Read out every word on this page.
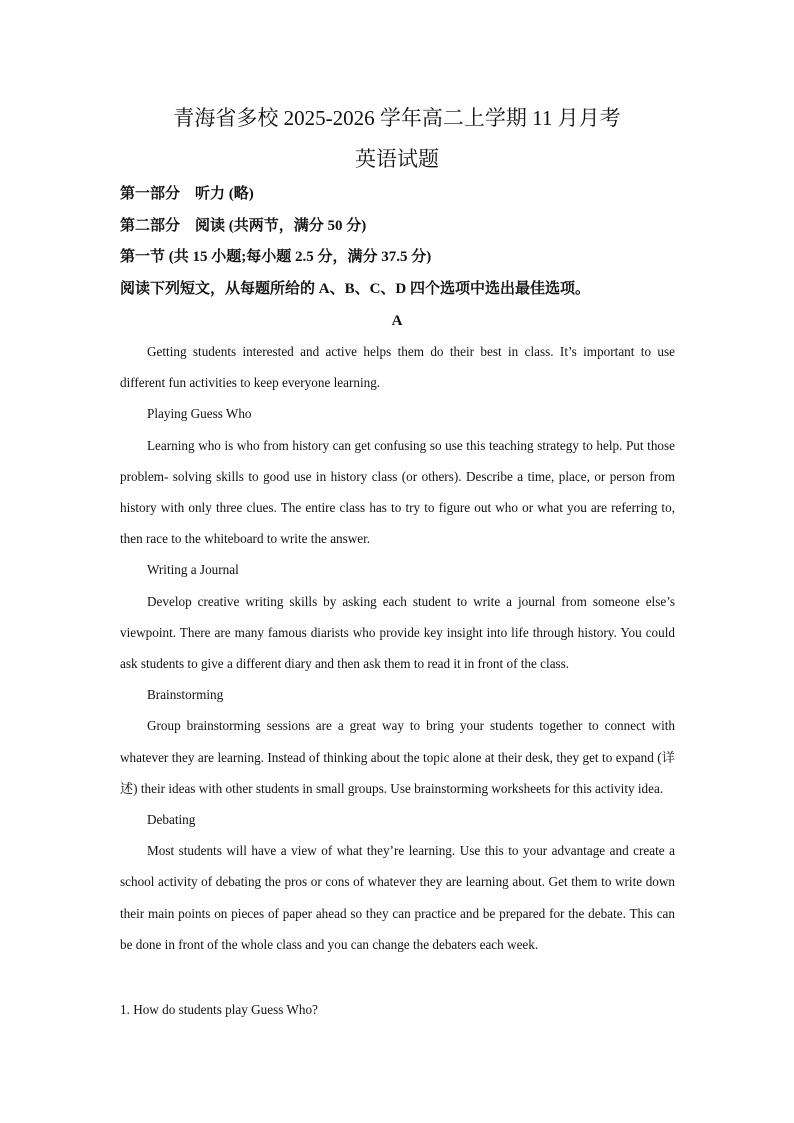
青海省多校 2025-2026 学年高二上学期 11 月月考
英语试题
第一部分　听力 (略)
第二部分　阅读 (共两节，满分 50 分)
第一节 (共 15 小题;每小题 2.5 分，满分 37.5 分)
阅读下列短文，从每题所给的 A、B、C、D 四个选项中选出最佳选项。
A

Getting students interested and active helps them do their best in class. It’s important to use different fun activities to keep everyone learning.

Playing Guess Who

Learning who is who from history can get confusing so use this teaching strategy to help. Put those problem- solving skills to good use in history class (or others). Describe a time, place, or person from history with only three clues. The entire class has to try to figure out who or what you are referring to, then race to the whiteboard to write the answer.

Writing a Journal

Develop creative writing skills by asking each student to write a journal from someone else’s viewpoint. There are many famous diarists who provide key insight into life through history. You could ask students to give a different diary and then ask them to read it in front of the class.

Brainstorming

Group brainstorming sessions are a great way to bring your students together to connect with whatever they are learning. Instead of thinking about the topic alone at their desk, they get to expand (详述) their ideas with other students in small groups. Use brainstorming worksheets for this activity idea.

Debating

Most students will have a view of what they’re learning. Use this to your advantage and create a school activity of debating the pros or cons of whatever they are learning about. Get them to write down their main points on pieces of paper ahead so they can practice and be prepared for the debate. This can be done in front of the whole class and you can change the debaters each week.

1. How do students play Guess Who?
